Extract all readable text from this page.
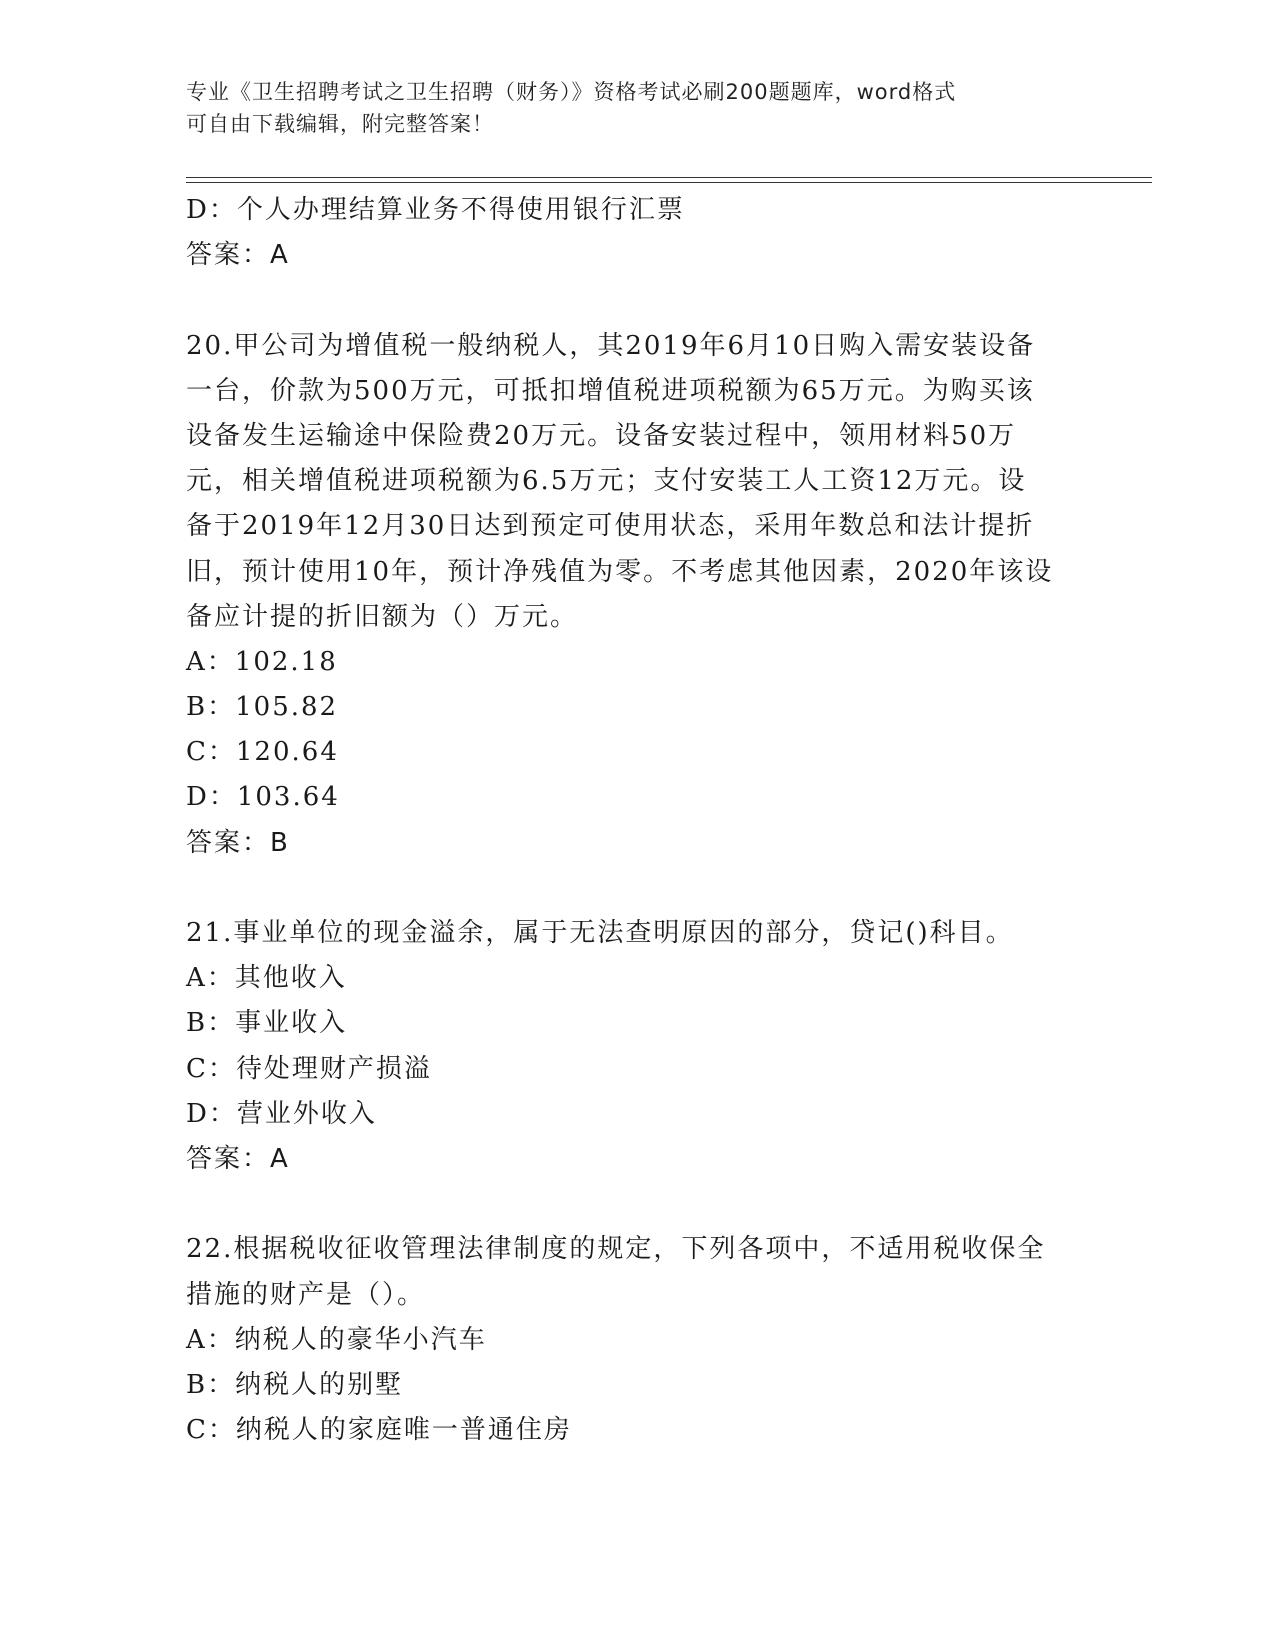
专业《卫生招聘考试之卫生招聘（财务）》资格考试必刷200题题库，word格式
可自由下载编辑，附完整答案！
D：个人办理结算业务不得使用银行汇票
答案：A
20.甲公司为增值税一般纳税人，其2019年6月10日购入需安装设备
一台，价款为500万元，可抵扣增值税进项税额为65万元。为购买该
设备发生运输途中保险费20万元。设备安装过程中，领用材料50万
元，相关增值税进项税额为6.5万元；支付安装工人工资12万元。设
备于2019年12月30日达到预定可使用状态，采用年数总和法计提折
旧，预计使用10年，预计净残值为零。不考虑其他因素，2020年该设
备应计提的折旧额为（）万元。
A：102.18
B：105.82
C：120.64
D：103.64
答案：B
21.事业单位的现金溢余，属于无法查明原因的部分，贷记()科目。
A：其他收入
B：事业收入
C：待处理财产损溢
D：营业外收入
答案：A
22.根据税收征收管理法律制度的规定，下列各项中，不适用税收保全
措施的财产是（）。
A：纳税人的豪华小汽车
B：纳税人的别墅
C：纳税人的家庭唯一普通住房
